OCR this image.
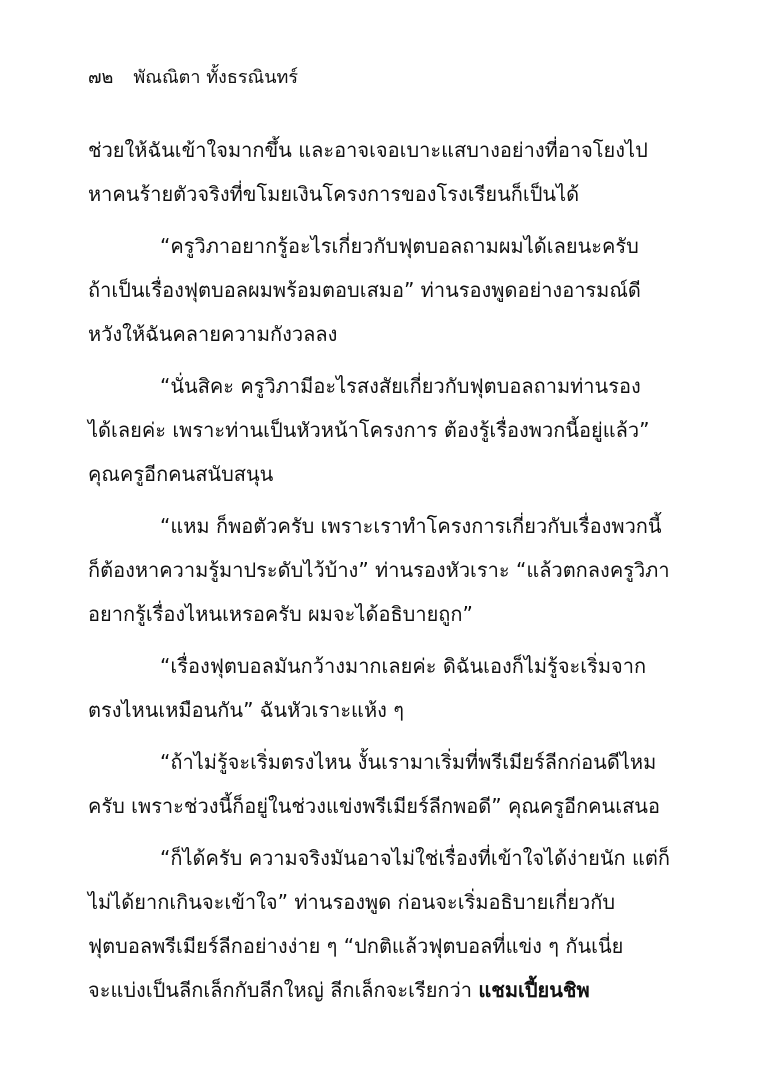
๗๒ พัณณิตา ทั้งธรณินทร์
ช่วยให้ฉันเข้าใจมากขึ้น และอาจเจอเบาะแสบางอย่างที่อาจโยงไป
หาคนร้ายตัวจริงที่ขโมยเงินโครงการของโรงเรียนก็เป็นได้
“ครูวิภาอยากรู้อะไรเกี่ยวกับฟุตบอลถามผมได้เลยนะครับ
ถ้าเป็นเรื่องฟุตบอลผมพร้อมตอบเสมอ” ท่านรองพูดอย่างอารมณ์ดี
หวังให้ฉันคลายความกังวลลง
“นั่นสิคะ ครูวิภามีอะไรสงสัยเกี่ยวกับฟุตบอลถามท่านรอง
ได้เลยค่ะ เพราะท่านเป็นหัวหน้าโครงการ ต้องรู้เรื่องพวกนี้อยู่แล้ว”
คุณครูอีกคนสนับสนุน
“แหม ก็พอตัวครับ เพราะเราทำโครงการเกี่ยวกับเรื่องพวกนี้
ก็ต้องหาความรู้มาประดับไว้บ้าง” ท่านรองหัวเราะ “แล้วตกลงครูวิภา
อยากรู้เรื่องไหนเหรอครับ ผมจะได้อธิบายถูก”
“เรื่องฟุตบอลมันกว้างมากเลยค่ะ ดิฉันเองก็ไม่รู้จะเริ่มจาก
ตรงไหนเหมือนกัน” ฉันหัวเราะแห้ง ๆ
“ถ้าไม่รู้จะเริ่มตรงไหน งั้นเรามาเริ่มที่พรีเมียร์ลีกก่อนดีไหม
ครับ เพราะช่วงนี้ก็อยู่ในช่วงแข่งพรีเมียร์ลีกพอดี” คุณครูอีกคนเสนอ
“ก็ได้ครับ ความจริงมันอาจไม่ใช่เรื่องที่เข้าใจได้ง่ายนัก แต่ก็
ไม่ได้ยากเกินจะเข้าใจ” ท่านรองพูด ก่อนจะเริ่มอธิบายเกี่ยวกับ
ฟุตบอลพรีเมียร์ลีกอย่างง่าย ๆ “ปกติแล้วฟุตบอลที่แข่ง ๆ กันเนี่ย
จะแบ่งเป็นลีกเล็กกับลีกใหญ่ ลีกเล็กจะเรียกว่า แชมเปี้ยนชิพ
